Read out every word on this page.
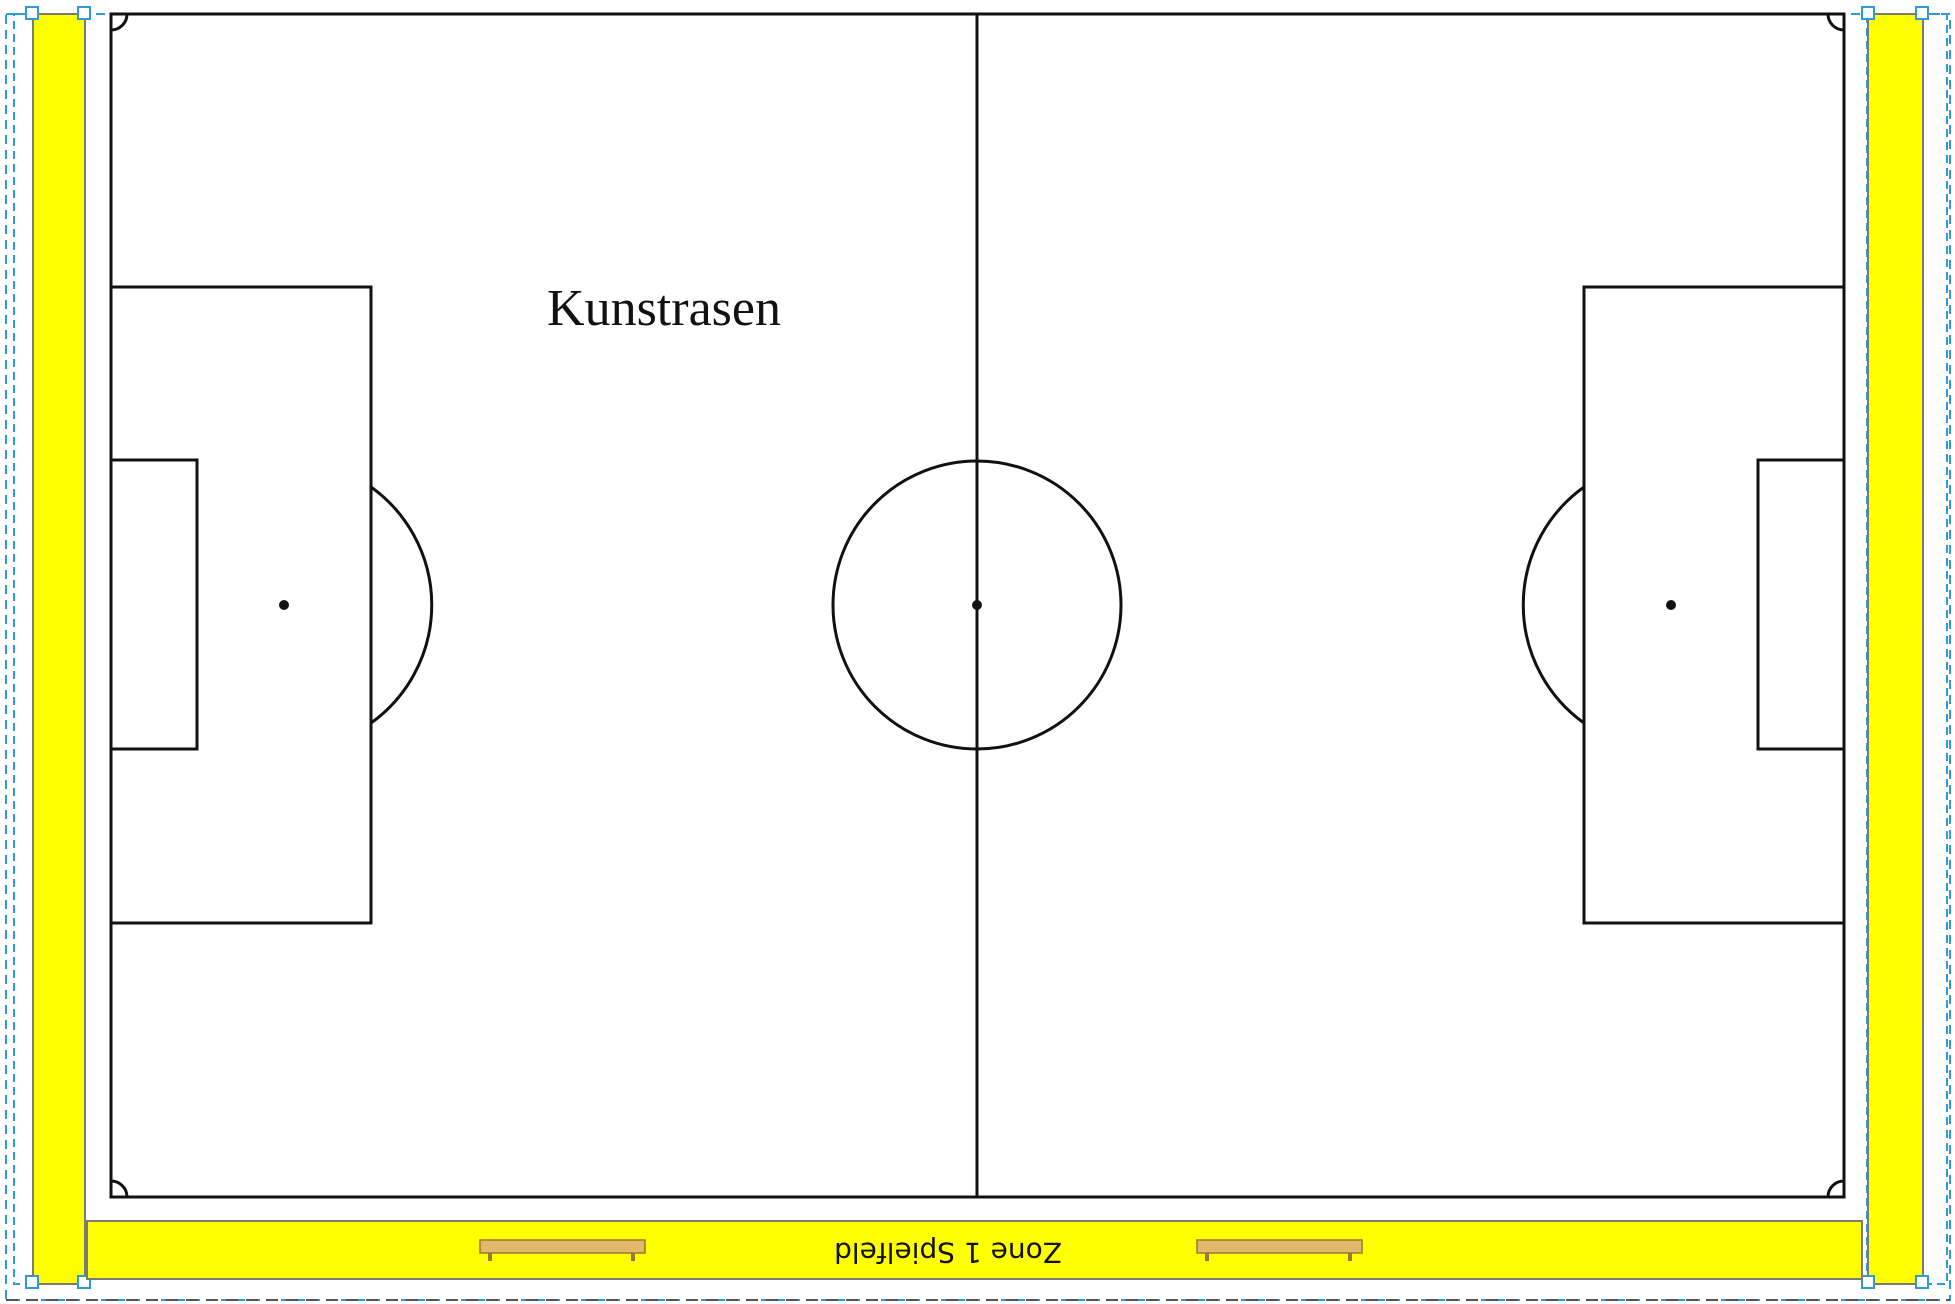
Zone 1 Spielfeld
Kunstrasen
